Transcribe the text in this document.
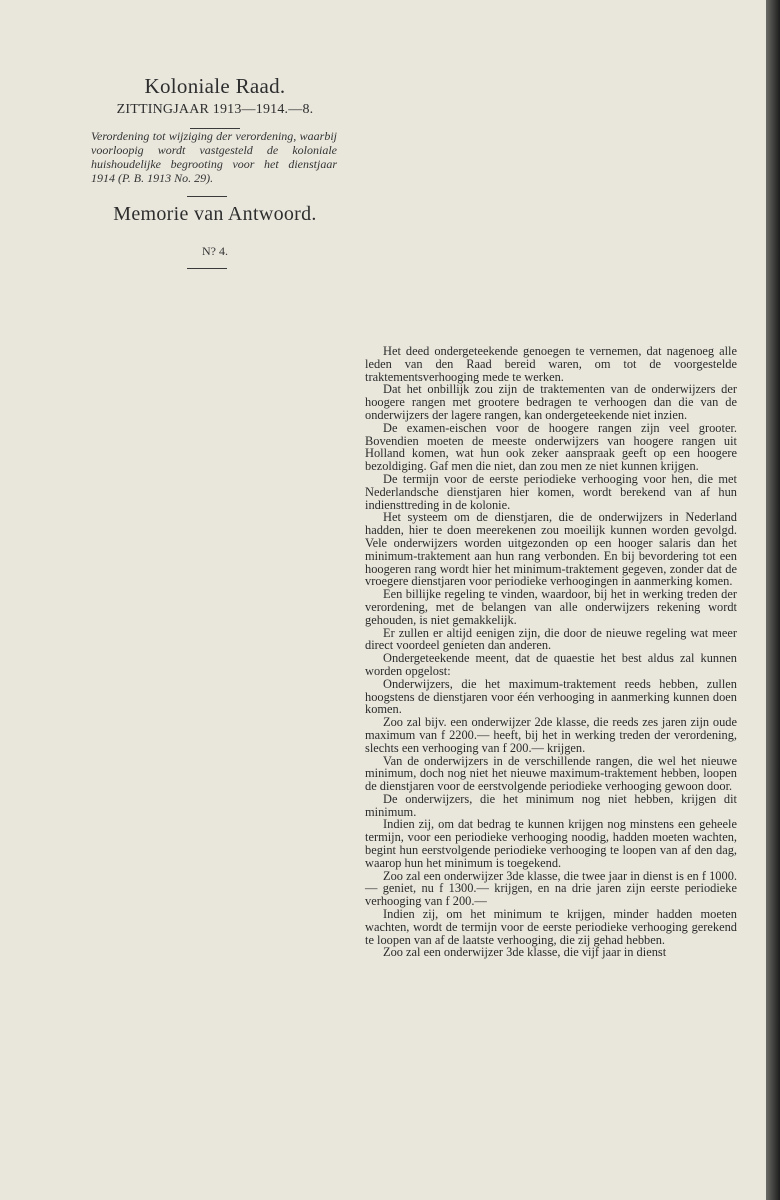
Koloniale Raad.
ZITTINGJAAR 1913—1914.—8.
Verordening tot wijziging der verordening, waarbij voorloopig wordt vastgesteld de koloniale huishoudelijke begrooting voor het dienstjaar 1914 (P. B. 1913 No. 29).
Memorie van Antwoord.
N? 4.

Het deed ondergeteekende genoegen te vernemen, dat nagenoeg alle leden van den Raad bereid waren, om tot de voorgestelde traktementsverhooging mede te werken.

Dat het onbillijk zou zijn de traktementen van de onderwijzers der hoogere rangen met grootere bedragen te verhoogen dan die van de onderwijzers der lagere rangen, kan ondergeteekende niet inzien.

De examen-eischen voor de hoogere rangen zijn veel grooter. Bovendien moeten de meeste onderwijzers van hoogere rangen uit Holland komen, wat hun ook zeker aanspraak geeft op een hoogere bezoldiging. Gaf men die niet, dan zou men ze niet kunnen krijgen.

De termijn voor de eerste periodieke verhooging voor hen, die met Nederlandsche dienstjaren hier komen, wordt berekend van af hun indiensttreding in de kolonie.

Het systeem om de dienstjaren, die de onderwijzers in Nederland hadden, hier te doen meerekenen zou moeilijk kunnen worden gevolgd. Vele onderwijzers worden uitgezonden op een hooger salaris dan het minimum-traktement aan hun rang verbonden. En bij bevordering tot een hoogeren rang wordt hier het minimum-traktement gegeven, zonder dat de vroegere dienstjaren voor periodieke verhoogingen in aanmerking komen.

Een billijke regeling te vinden, waardoor, bij het in werking treden der verordening, met de belangen van alle onderwijzers rekening wordt gehouden, is niet gemakkelijk.

Er zullen er altijd eenigen zijn, die door de nieuwe regeling wat meer direct voordeel genieten dan anderen.

Ondergeteekende meent, dat de quaestie het best aldus zal kunnen worden opgelost:

Onderwijzers, die het maximum-traktement reeds hebben, zullen hoogstens de dienstjaren voor één verhooging in aanmerking kunnen doen komen.

Zoo zal bijv. een onderwijzer 2de klasse, die reeds zes jaren zijn oude maximum van f 2200.— heeft, bij het in werking treden der verordening, slechts een verhooging van f 200.— krijgen.

Van de onderwijzers in de verschillende rangen, die wel het nieuwe minimum, doch nog niet het nieuwe maximum-traktement hebben, loopen de dienstjaren voor de eerstvolgende periodieke verhooging gewoon door.

De onderwijzers, die het minimum nog niet hebben, krijgen dit minimum.

Indien zij, om dat bedrag te kunnen krijgen nog minstens een geheele termijn, voor een periodieke verhooging noodig, hadden moeten wachten, begint hun eerstvolgende periodieke verhooging te loopen van af den dag, waarop hun het minimum is toegekend.

Zoo zal een onderwijzer 3de klasse, die twee jaar in dienst is en f 1000.— geniet, nu f 1300.— krijgen, en na drie jaren zijn eerste periodieke verhooging van f 200.—

Indien zij, om het minimum te krijgen, minder hadden moeten wachten, wordt de termijn voor de eerste periodieke verhooging gerekend te loopen van af de laatste verhooging, die zij gehad hebben.

Zoo zal een onderwijzer 3de klasse, die vijf jaar in dienst
